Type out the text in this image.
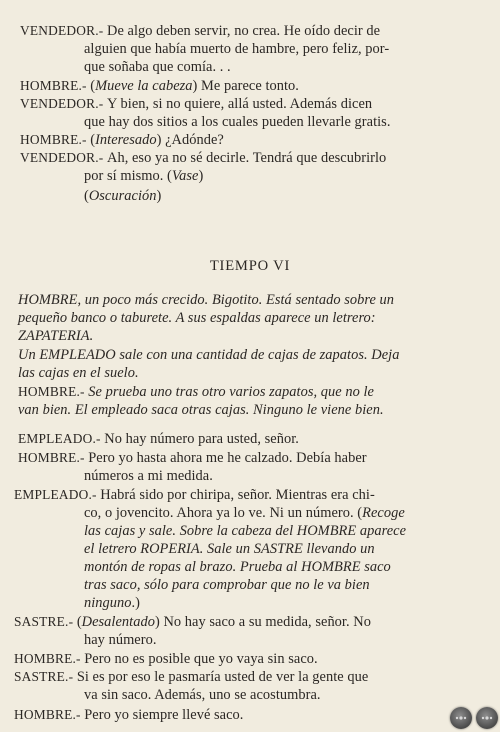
VENDEDOR.- De algo deben servir, no crea. He oído decir de
alguien que había muerto de hambre, pero feliz, por-
que soñaba que comía. . .
HOMBRE.- (Mueve la cabeza) Me parece tonto.
VENDEDOR.- Y bien, si no quiere, allá usted. Además dicen
que hay dos sitios a los cuales pueden llevarle gratis.
HOMBRE.- (Interesado) ¿Adónde?
VENDEDOR.- Ah, eso ya no sé decirle. Tendrá que descubrirlo
por sí mismo. (Vase)
(Oscuración)
TIEMPO VI
HOMBRE, un poco más crecido. Bigotito. Está sentado sobre un
pequeño banco o taburete. A sus espaldas aparece un letrero:
ZAPATERIA.
Un EMPLEADO sale con una cantidad de cajas de zapatos. Deja
las cajas en el suelo.
HOMBRE.- Se prueba uno tras otro varios zapatos, que no le
van bien. El empleado saca otras cajas. Ninguno le viene bien.
EMPLEADO.- No hay número para usted, señor.
HOMBRE.- Pero yo hasta ahora me he calzado. Debía haber
números a mi medida.
EMPLEADO.- Habrá sido por chiripa, señor. Mientras era chi-
co, o jovencito. Ahora ya lo ve. Ni un número. (Recoge
las cajas y sale. Sobre la cabeza del HOMBRE aparece
el letrero ROPERIA. Sale un SASTRE llevando un
montón de ropas al brazo. Prueba al HOMBRE saco
tras saco, sólo para comprobar que no le va bien
ninguno.)
SASTRE.- (Desalentado) No hay saco a su medida, señor. No
hay número.
HOMBRE.- Pero no es posible que yo vaya sin saco.
SASTRE.- Si es por eso le pasmaría usted de ver la gente que
va sin saco. Además, uno se acostumbra.
HOMBRE.- Pero yo siempre llevé saco.
